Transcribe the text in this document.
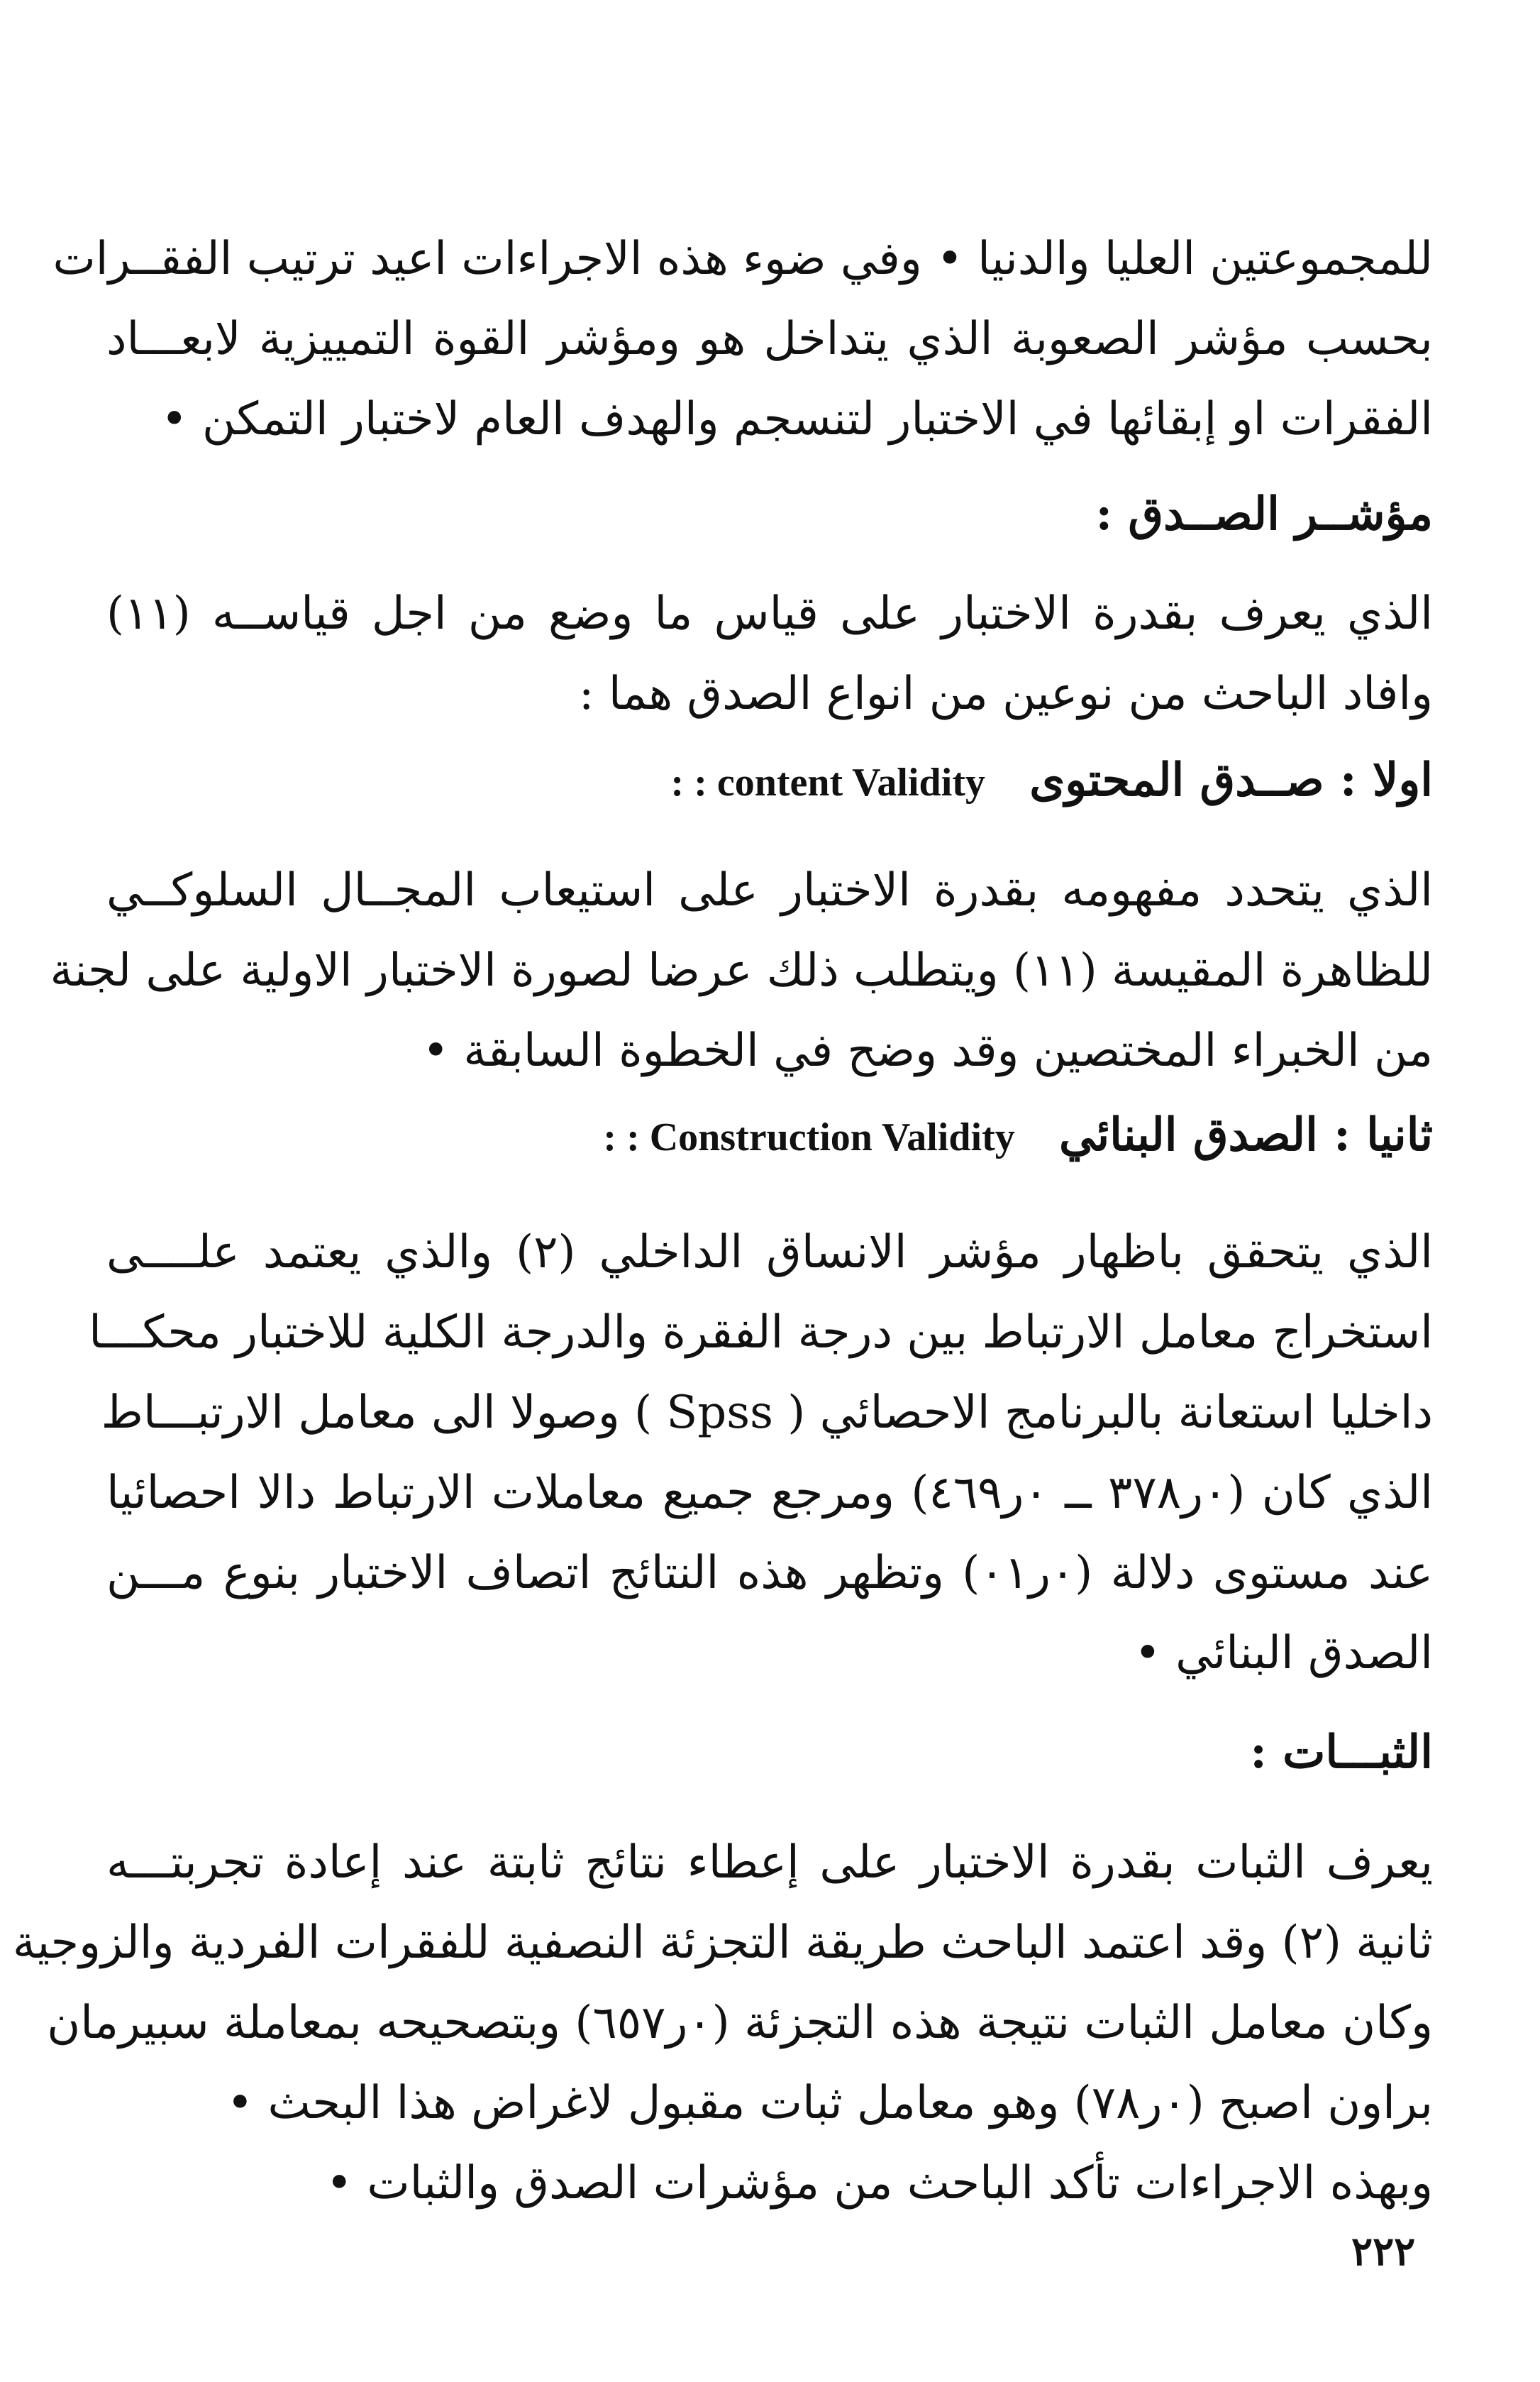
للمجموعتين العليا والدنيا • وفي ضوء هذه الاجراءات اعيد ترتيب الفقــرات
بحسب مؤشر الصعوبة الذي يتداخل هو ومؤشر القوة التمييزية لابعـــاد
الفقرات او إبقائها في الاختبار لتنسجم والهدف العام لاختبار التمكن •
مؤشــر الصــدق :
الذي يعرف بقدرة الاختبار على قياس ما وضع من اجل قياســه (١١)
وافاد الباحث من نوعين من انواع الصدق هما :
اولا : صــدق المحتوى : : content Validity
الذي يتحدد مفهومه بقدرة الاختبار على استيعاب المجــال السلوكــي
للظاهرة المقيسة (١١) ويتطلب ذلك عرضا لصورة الاختبار الاولية على لجنة
من الخبراء المختصين وقد وضح في الخطوة السابقة •
ثانيا : الصدق البنائي : : Construction Validity
الذي يتحقق باظهار مؤشر الانساق الداخلي (٢) والذي يعتمد علــــى
استخراج معامل الارتباط بين درجة الفقرة والدرجة الكلية للاختبار محكـــا
داخليا استعانة بالبرنامج الاحصائي ( Spss ) وصولا الى معامل الارتبـــاط
الذي كان (٠ر٣٧٨ ــ ٠ر٤٦٩) ومرجع جميع معاملات الارتباط دالا احصائيا
عند مستوى دلالة (٠ر٠١) وتظهر هذه النتائج اتصاف الاختبار بنوع مـــن
الصدق البنائي •
الثبـــات :
يعرف الثبات بقدرة الاختبار على إعطاء نتائج ثابتة عند إعادة تجربتـــه
ثانية (٢) وقد اعتمد الباحث طريقة التجزئة النصفية للفقرات الفردية والزوجية
وكان معامل الثبات نتيجة هذه التجزئة (٠ر٦٥٧) وبتصحيحه بمعاملة سبيرمان
براون اصبح (٠ر٧٨) وهو معامل ثبات مقبول لاغراض هذا البحث •
وبهذه الاجراءات تأكد الباحث من مؤشرات الصدق والثبات •
٢٢٢
